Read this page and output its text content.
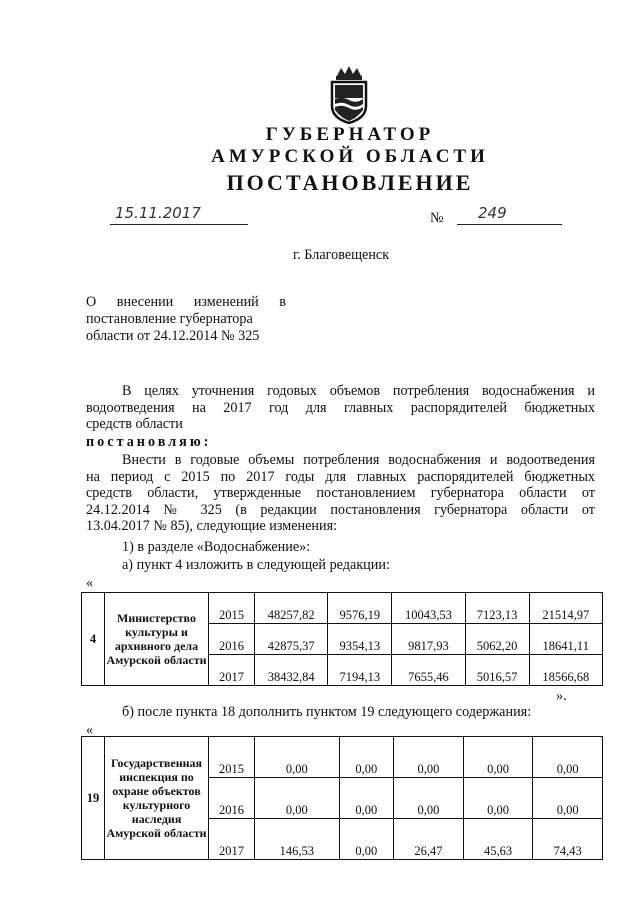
ГУБЕРНАТОР
АМУРСКОЙ ОБЛАСТИ
ПОСТАНОВЛЕНИЕ
15.11.2017	№ 249
г. Благовещенск
О внесении изменений в
постановление губернатора
области от 24.12.2014 № 325
В целях уточнения годовых объемов потребления водоснабжения и
водоотведения на 2017 год для главных распорядителей бюджетных
средств области
постановляю:
Внести в годовые объемы потребления водоснабжения и водоотведения
на период с 2015 по 2017 годы для главных распорядителей бюджетных
средств области, утвержденные постановлением губернатора области от
24.12.2014 № 325 (в редакции постановления губернатора области от
13.04.2017 № 85), следующие изменения:
1) в разделе «Водоснабжение»:
а) пункт 4 изложить в следующей редакции:
«
4	Министерство культуры и архивного дела Амурской области	2015	48257,82	9576,19	10043,53	7123,13	21514,97
		2016	42875,37	9354,13	9817,93	5062,20	18641,11
		2017	38432,84	7194,13	7655,46	5016,57	18566,68
».
б) после пункта 18 дополнить пунктом 19 следующего содержания:
«
19	Государственная инспекция по охране объектов культурного наследия Амурской области	2015	0,00	0,00	0,00	0,00	0,00
		2016	0,00	0,00	0,00	0,00	0,00
		2017	146,53	0,00	26,47	45,63	74,43
